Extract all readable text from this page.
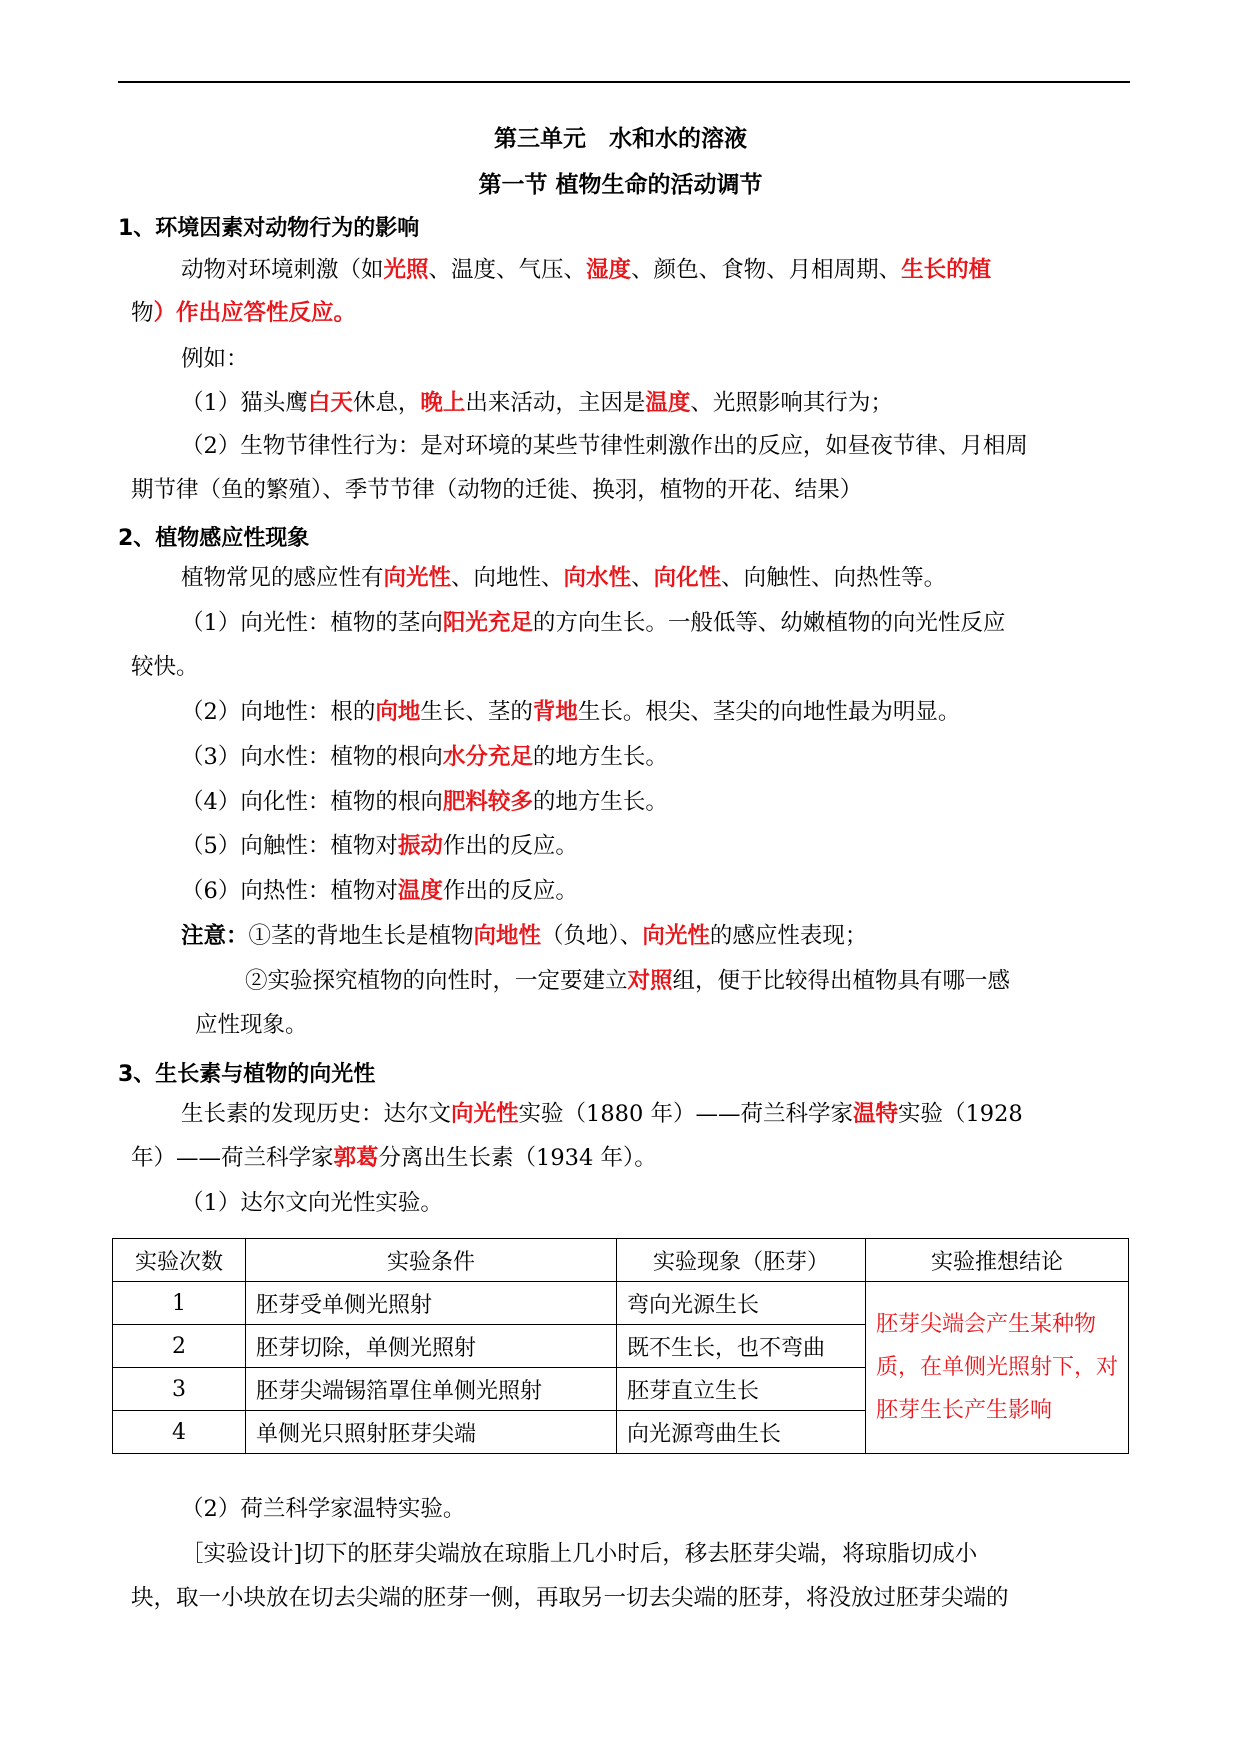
第三单元　水和水的溶液
第一节 植物生命的活动调节
1、环境因素对动物行为的影响
动物对环境刺激（如光照、温度、气压、湿度、颜色、食物、月相周期、生长的植
物）作出应答性反应。
例如：
（1）猫头鹰白天休息，晚上出来活动，主因是温度、光照影响其行为；
（2）生物节律性行为：是对环境的某些节律性刺激作出的反应，如昼夜节律、月相周
期节律（鱼的繁殖）、季节节律（动物的迁徙、换羽，植物的开花、结果）
2、植物感应性现象
植物常见的感应性有向光性、向地性、向水性、向化性、向触性、向热性等。
（1）向光性：植物的茎向阳光充足的方向生长。一般低等、幼嫩植物的向光性反应
较快。
（2）向地性：根的向地生长、茎的背地生长。根尖、茎尖的向地性最为明显。
（3）向水性：植物的根向水分充足的地方生长。
（4）向化性：植物的根向肥料较多的地方生长。
（5）向触性：植物对振动作出的反应。
（6）向热性：植物对温度作出的反应。
注意：①茎的背地生长是植物向地性（负地）、向光性的感应性表现；
②实验探究植物的向性时，一定要建立对照组，便于比较得出植物具有哪一感
应性现象。
3、生长素与植物的向光性
生长素的发现历史：达尔文向光性实验（1880 年）——荷兰科学家温特实验（1928
年）——荷兰科学家郭葛分离出生长素（1934 年）。
（1）达尔文向光性实验。
实验次数	实验条件	实验现象（胚芽）	实验推想结论
1	胚芽受单侧光照射	弯向光源生长	胚芽尖端会产生某种物质，在单侧光照射下，对胚芽生长产生影响
2	胚芽切除，单侧光照射	既不生长，也不弯曲	
3	胚芽尖端锡箔罩住单侧光照射	胚芽直立生长	
4	单侧光只照射胚芽尖端	向光源弯曲生长	
（2）荷兰科学家温特实验。
［实验设计]切下的胚芽尖端放在琼脂上几小时后，移去胚芽尖端，将琼脂切成小
块，取一小块放在切去尖端的胚芽一侧，再取另一切去尖端的胚芽，将没放过胚芽尖端的
